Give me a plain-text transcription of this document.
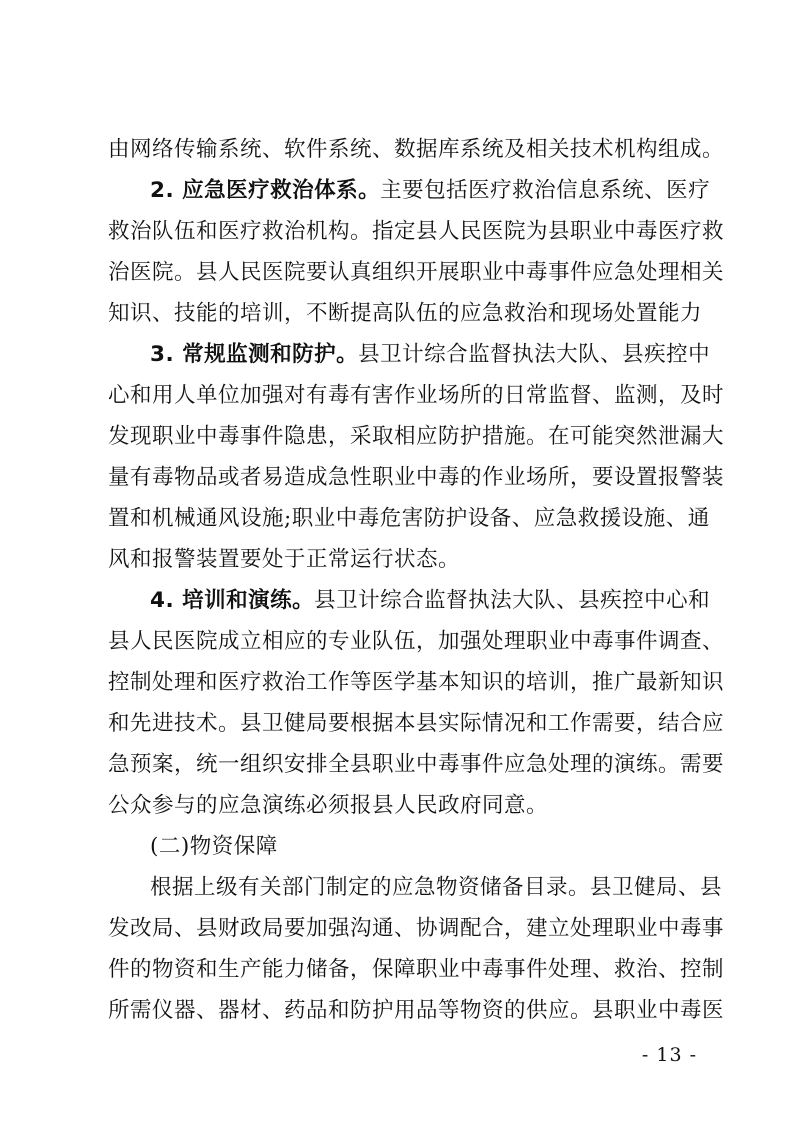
由网络传输系统、软件系统、数据库系统及相关技术机构组成。
2. 应急医疗救治体系。主要包括医疗救治信息系统、医疗
救治队伍和医疗救治机构。指定县人民医院为县职业中毒医疗救
治医院。县人民医院要认真组织开展职业中毒事件应急处理相关
知识、技能的培训，不断提高队伍的应急救治和现场处置能力
3. 常规监测和防护。县卫计综合监督执法大队、县疾控中
心和用人单位加强对有毒有害作业场所的日常监督、监测，及时
发现职业中毒事件隐患，采取相应防护措施。在可能突然泄漏大
量有毒物品或者易造成急性职业中毒的作业场所，要设置报警装
置和机械通风设施;职业中毒危害防护设备、应急救援设施、通
风和报警装置要处于正常运行状态。
4. 培训和演练。县卫计综合监督执法大队、县疾控中心和
县人民医院成立相应的专业队伍，加强处理职业中毒事件调查、
控制处理和医疗救治工作等医学基本知识的培训，推广最新知识
和先进技术。县卫健局要根据本县实际情况和工作需要，结合应
急预案，统一组织安排全县职业中毒事件应急处理的演练。需要
公众参与的应急演练必须报县人民政府同意。
(二)物资保障
根据上级有关部门制定的应急物资储备目录。县卫健局、县
发改局、县财政局要加强沟通、协调配合，建立处理职业中毒事
件的物资和生产能力储备，保障职业中毒事件处理、救治、控制
所需仪器、器材、药品和防护用品等物资的供应。县职业中毒医
- 13 -
